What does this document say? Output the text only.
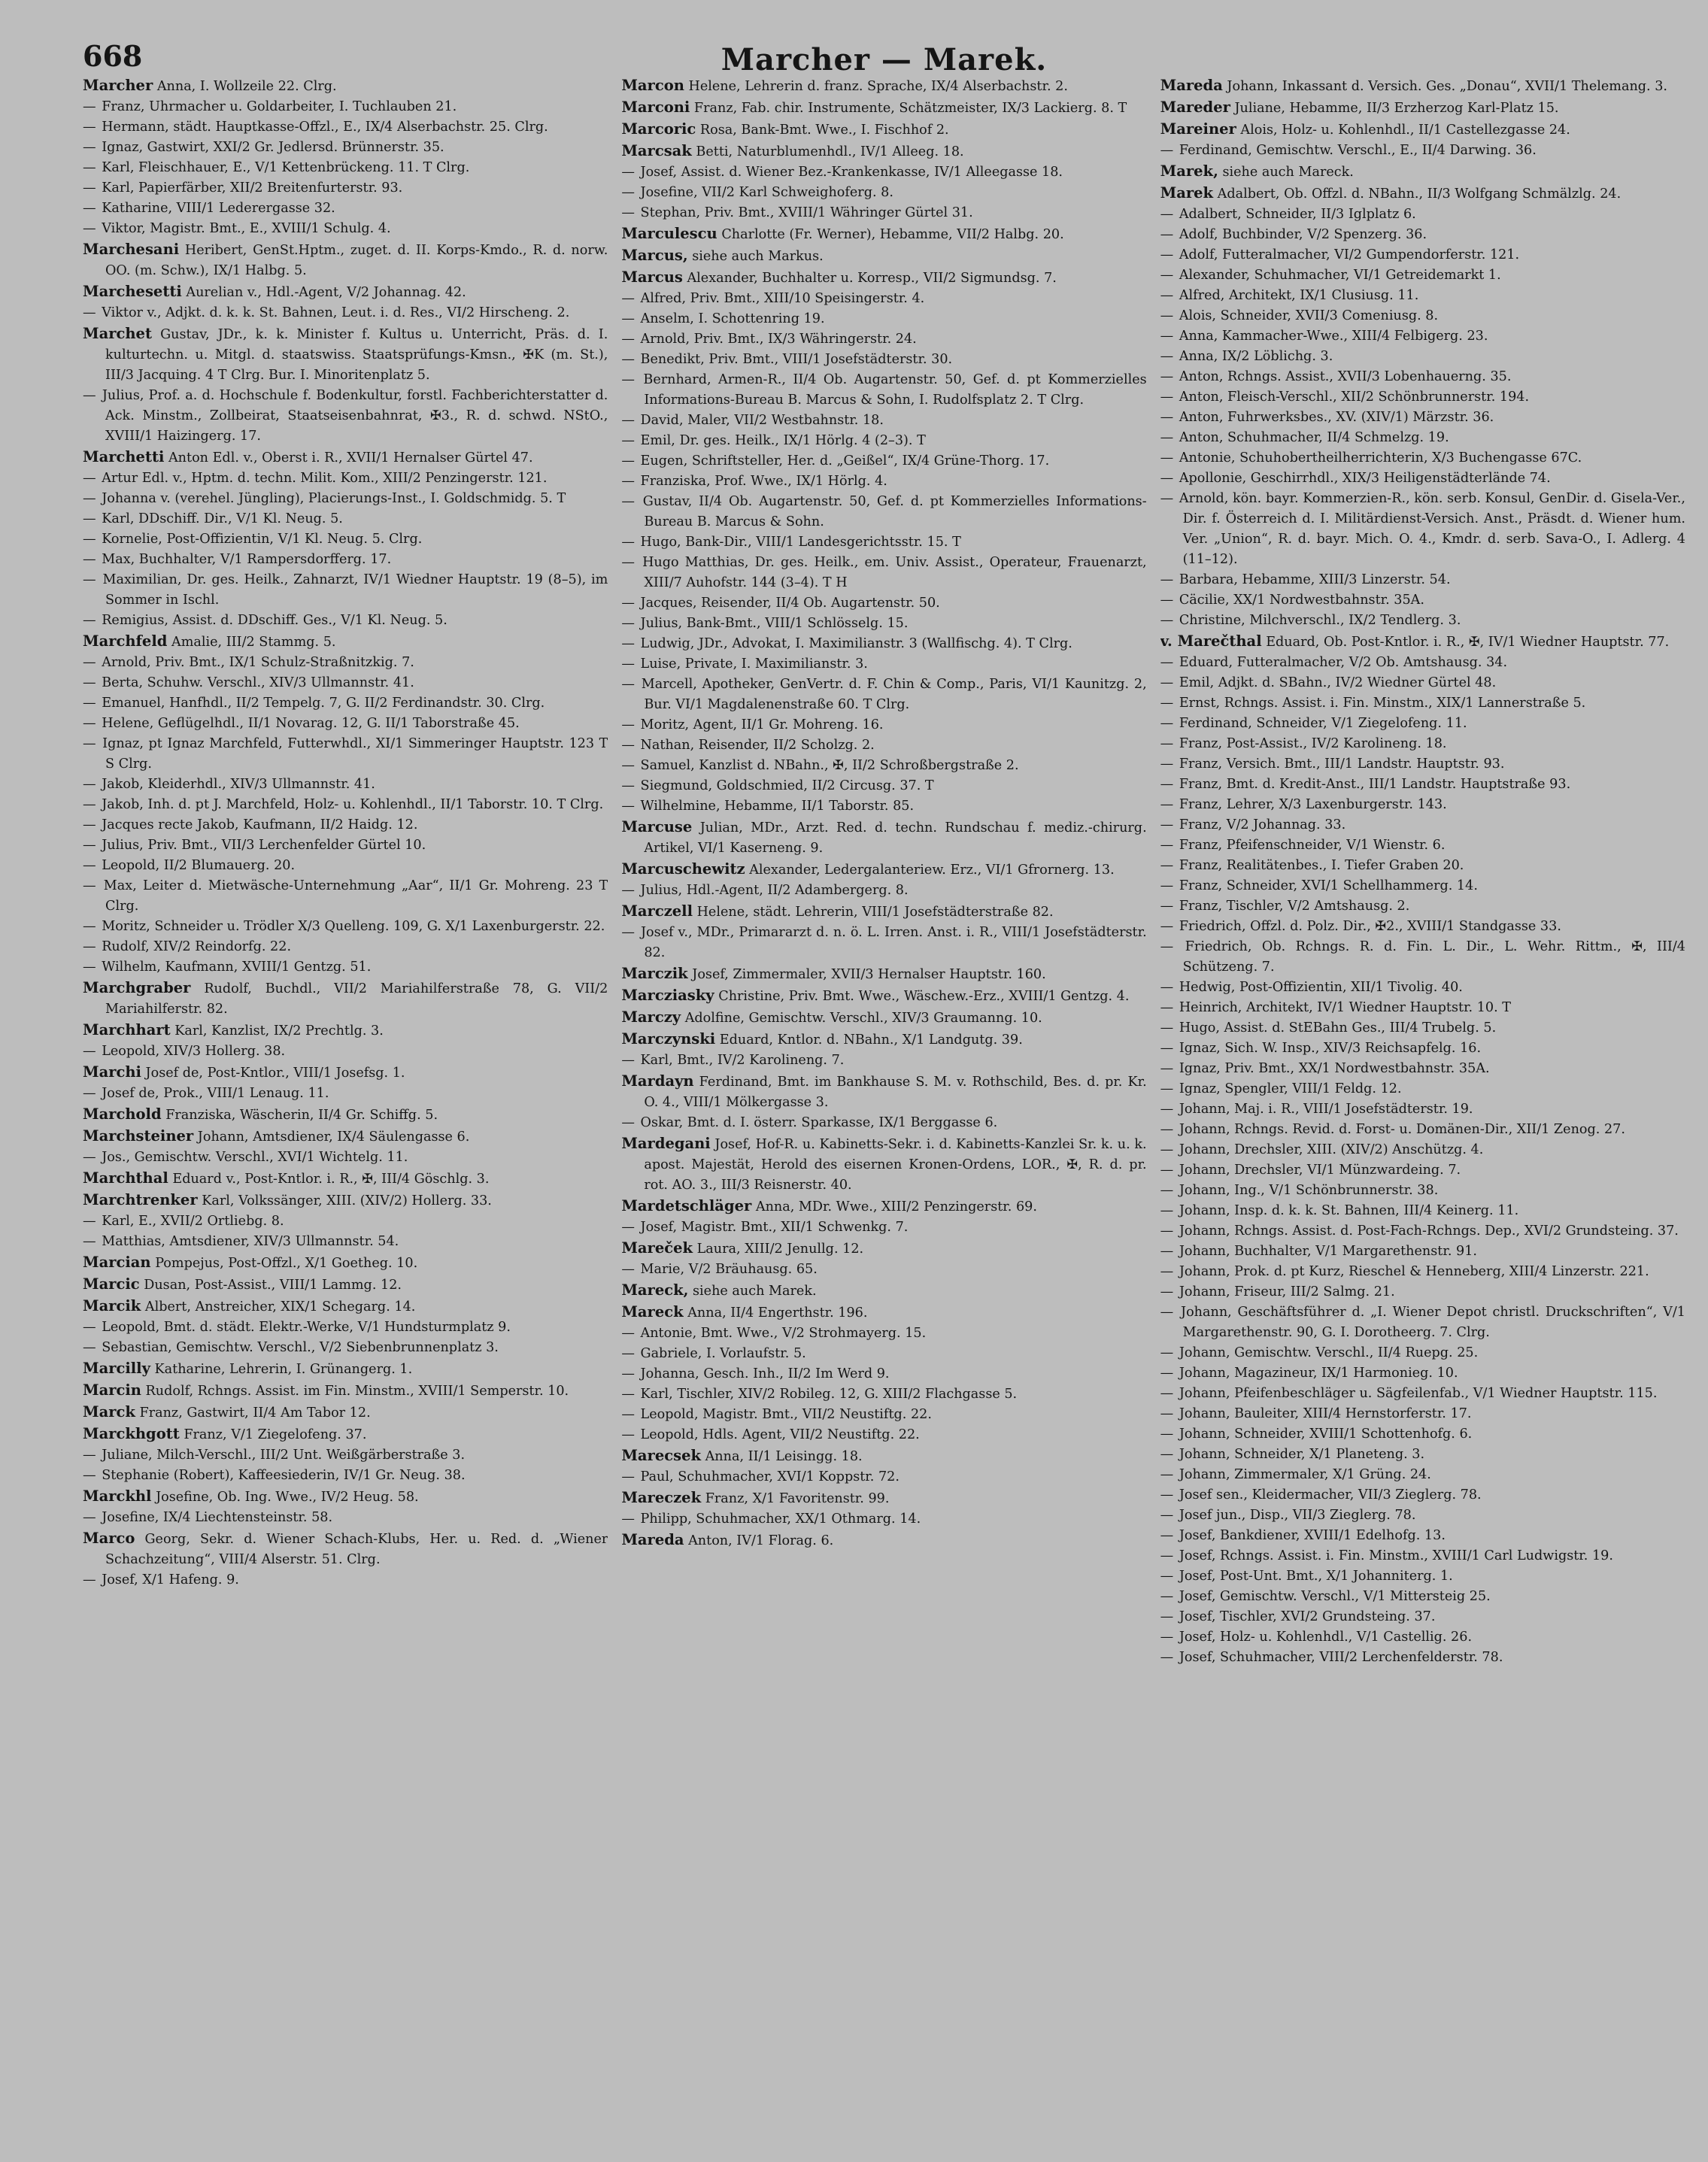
668	Marcher — Marek.
Marcher Anna, I. Wollzeile 22. Clrg.
— Franz, Uhrmacher u. Goldarbeiter, I. Tuchlauben 21.
— Hermann, städt. Hauptkasse-Offzl., E., IX/4 Alserbachstr. 25. Clrg.
— Ignaz, Gastwirt, XXI/2 Gr. Jedlersd. Brünnerstr. 35.
— Karl, Fleischhauer, E., V/1 Kettenbrückeng. 11. T Clrg.
— Karl, Papierfärber, XII/2 Breitenfurterstr. 93.
— Katharine, VIII/1 Lederergasse 32.
— Viktor, Magistr. Bmt., E., XVIII/1 Schulg. 4.
Marchesani Heribert, GenSt.Hptm., zuget. d. II. Korps-Kmdo., R. d. norw. OO. (m. Schw.), IX/1 Halbg. 5.
Marchesetti Aurelian v., Hdl.-Agent, V/2 Johannag. 42.
— Viktor v., Adjkt. d. k. k. St. Bahnen, Leut. i. d. Res., VI/2 Hirscheng. 2.
Marchet Gustav, JDr., k. k. Minister f. Kultus u. Unterricht, Präs. d. I. kulturtechn. u. Mitgl. d. staatswiss. Staatsprüfungs-Kmsn., ✠K (m. St.), III/3 Jacquing. 4 T Clrg. Bur. I. Minoritenplatz 5.
— Julius, Prof. a. d. Hochschule f. Bodenkultur, forstl. Fachberichterstatter d. Ack. Minstm., Zollbeirat, Staatseisenbahnrat, ✠3., R. d. schwd. NStO., XVIII/1 Haizingerg. 17.
Marchetti Anton Edl. v., Oberst i. R., XVII/1 Hernalser Gürtel 47.
— Artur Edl. v., Hptm. d. techn. Milit. Kom., XIII/2 Penzingerstr. 121.
— Johanna v. (verehel. Jüngling), Placierungs-Inst., I. Goldschmidg. 5. T
— Karl, DDschiff. Dir., V/1 Kl. Neug. 5.
— Kornelie, Post-Offizientin, V/1 Kl. Neug. 5. Clrg.
— Max, Buchhalter, V/1 Rampersdorfferg. 17.
— Maximilian, Dr. ges. Heilk., Zahnarzt, IV/1 Wiedner Hauptstr. 19 (8–5), im Sommer in Ischl.
— Remigius, Assist. d. DDschiff. Ges., V/1 Kl. Neug. 5.
Marchfeld Amalie, III/2 Stammg. 5.
— Arnold, Priv. Bmt., IX/1 Schulz-Straßnitzkig. 7.
— Berta, Schuhw. Verschl., XIV/3 Ullmannstr. 41.
— Emanuel, Hanfhdl., II/2 Tempelg. 7, G. II/2 Ferdinandstr. 30. Clrg.
— Helene, Geflügelhdl., II/1 Novarag. 12, G. II/1 Taborstraße 45.
— Ignaz, pt Ignaz Marchfeld, Futterwhdl., XI/1 Simmeringer Hauptstr. 123 T S Clrg.
— Jakob, Kleiderhdl., XIV/3 Ullmannstr. 41.
— Jakob, Inh. d. pt J. Marchfeld, Holz- u. Kohlenhdl., II/1 Taborstr. 10. T Clrg.
— Jacques recte Jakob, Kaufmann, II/2 Haidg. 12.
— Julius, Priv. Bmt., VII/3 Lerchenfelder Gürtel 10.
— Leopold, II/2 Blumauerg. 20.
— Max, Leiter d. Mietwäsche-Unternehmung „Aar“, II/1 Gr. Mohreng. 23 T Clrg.
— Moritz, Schneider u. Trödler X/3 Quelleng. 109, G. X/1 Laxenburgerstr. 22.
— Rudolf, XIV/2 Reindorfg. 22.
— Wilhelm, Kaufmann, XVIII/1 Gentzg. 51.
Marchgraber Rudolf, Buchdl., VII/2 Mariahilferstraße 78, G. VII/2 Mariahilferstr. 82.
Marchhart Karl, Kanzlist, IX/2 Prechtlg. 3.
— Leopold, XIV/3 Hollerg. 38.
Marchi Josef de, Post-Kntlor., VIII/1 Josefsg. 1.
— Josef de, Prok., VIII/1 Lenaug. 11.
Marchold Franziska, Wäscherin, II/4 Gr. Schiffg. 5.
Marchsteiner Johann, Amtsdiener, IX/4 Säulengasse 6.
— Jos., Gemischtw. Verschl., XVI/1 Wichtelg. 11.
Marchthal Eduard v., Post-Kntlor. i. R., ✠, III/4 Göschlg. 3.
Marchtrenker Karl, Volkssänger, XIII. (XIV/2) Hollerg. 33.
— Karl, E., XVII/2 Ortliebg. 8.
— Matthias, Amtsdiener, XIV/3 Ullmannstr. 54.
Marcian Pompejus, Post-Offzl., X/1 Goetheg. 10.
Marcic Dusan, Post-Assist., VIII/1 Lammg. 12.
Marcik Albert, Anstreicher, XIX/1 Schegarg. 14.
— Leopold, Bmt. d. städt. Elektr.-Werke, V/1 Hundsturmplatz 9.
— Sebastian, Gemischtw. Verschl., V/2 Siebenbrunnenplatz 3.
Marcilly Katharine, Lehrerin, I. Grünangerg. 1.
Marcin Rudolf, Rchngs. Assist. im Fin. Minstm., XVIII/1 Semperstr. 10.
Marck Franz, Gastwirt, II/4 Am Tabor 12.
Marckhgott Franz, V/1 Ziegelofeng. 37.
— Juliane, Milch-Verschl., III/2 Unt. Weißgärberstraße 3.
— Stephanie (Robert), Kaffeesiederin, IV/1 Gr. Neug. 38.
Marckhl Josefine, Ob. Ing. Wwe., IV/2 Heug. 58.
— Josefine, IX/4 Liechtensteinstr. 58.
Marco Georg, Sekr. d. Wiener Schach-Klubs, Her. u. Red. d. „Wiener Schachzeitung“, VIII/4 Alserstr. 51. Clrg.
— Josef, X/1 Hafeng. 9.
Marcon Helene, Lehrerin d. franz. Sprache, IX/4 Alserbachstr. 2.
Marconi Franz, Fab. chir. Instrumente, Schätzmeister, IX/3 Lackierg. 8. T
Marcoric Rosa, Bank-Bmt. Wwe., I. Fischhof 2.
Marcsak Betti, Naturblumenhdl., IV/1 Alleeg. 18.
— Josef, Assist. d. Wiener Bez.-Krankenkasse, IV/1 Alleegasse 18.
— Josefine, VII/2 Karl Schweighoferg. 8.
— Stephan, Priv. Bmt., XVIII/1 Währinger Gürtel 31.
Marculescu Charlotte (Fr. Werner), Hebamme, VII/2 Halbg. 20.
Marcus, siehe auch Markus.
Marcus Alexander, Buchhalter u. Korresp., VII/2 Sigmundsg. 7.
— Alfred, Priv. Bmt., XIII/10 Speisingerstr. 4.
— Anselm, I. Schottenring 19.
— Arnold, Priv. Bmt., IX/3 Währingerstr. 24.
— Benedikt, Priv. Bmt., VIII/1 Josefstädterstr. 30.
— Bernhard, Armen-R., II/4 Ob. Augartenstr. 50, Gef. d. pt Kommerzielles Informations-Bureau B. Marcus & Sohn, I. Rudolfsplatz 2. T Clrg.
— David, Maler, VII/2 Westbahnstr. 18.
— Emil, Dr. ges. Heilk., IX/1 Hörlg. 4 (2–3). T
— Eugen, Schriftsteller, Her. d. „Geißel“, IX/4 Grüne-Thorg. 17.
— Franziska, Prof. Wwe., IX/1 Hörlg. 4.
— Gustav, II/4 Ob. Augartenstr. 50, Gef. d. pt Kommerzielles Informations-Bureau B. Marcus & Sohn.
— Hugo, Bank-Dir., VIII/1 Landesgerichtsstr. 15. T
— Hugo Matthias, Dr. ges. Heilk., em. Univ. Assist., Operateur, Frauenarzt, XIII/7 Auhofstr. 144 (3–4). T H
— Jacques, Reisender, II/4 Ob. Augartenstr. 50.
— Julius, Bank-Bmt., VIII/1 Schlösselg. 15.
— Ludwig, JDr., Advokat, I. Maximilianstr. 3 (Wallfischg. 4). T Clrg.
— Luise, Private, I. Maximilianstr. 3.
— Marcell, Apotheker, GenVertr. d. F. Chin & Comp., Paris, VI/1 Kaunitzg. 2, Bur. VI/1 Magdalenenstraße 60. T Clrg.
— Moritz, Agent, II/1 Gr. Mohreng. 16.
— Nathan, Reisender, II/2 Scholzg. 2.
— Samuel, Kanzlist d. NBahn., ✠, II/2 Schroßbergstraße 2.
— Siegmund, Goldschmied, II/2 Circusg. 37. T
— Wilhelmine, Hebamme, II/1 Taborstr. 85.
Marcuse Julian, MDr., Arzt. Red. d. techn. Rundschau f. mediz.-chirurg. Artikel, VI/1 Kaserneng. 9.
Marcuschewitz Alexander, Ledergalanteriew. Erz., VI/1 Gfrornerg. 13.
— Julius, Hdl.-Agent, II/2 Adambergerg. 8.
Marczell Helene, städt. Lehrerin, VIII/1 Josefstädterstraße 82.
— Josef v., MDr., Primararzt d. n. ö. L. Irren. Anst. i. R., VIII/1 Josefstädterstr. 82.
Marczik Josef, Zimmermaler, XVII/3 Hernalser Hauptstr. 160.
Marcziasky Christine, Priv. Bmt. Wwe., Wäschew.-Erz., XVIII/1 Gentzg. 4.
Marczy Adolfine, Gemischtw. Verschl., XIV/3 Graumanng. 10.
Marczynski Eduard, Kntlor. d. NBahn., X/1 Landgutg. 39.
— Karl, Bmt., IV/2 Karolineng. 7.
Mardayn Ferdinand, Bmt. im Bankhause S. M. v. Rothschild, Bes. d. pr. Kr. O. 4., VIII/1 Mölkergasse 3.
— Oskar, Bmt. d. I. österr. Sparkasse, IX/1 Berggasse 6.
Mardegani Josef, Hof-R. u. Kabinetts-Sekr. i. d. Kabinetts-Kanzlei Sr. k. u. k. apost. Majestät, Herold des eisernen Kronen-Ordens, LOR., ✠, R. d. pr. rot. AO. 3., III/3 Reisnerstr. 40.
Mardetschläger Anna, MDr. Wwe., XIII/2 Penzingerstr. 69.
— Josef, Magistr. Bmt., XII/1 Schwenkg. 7.
Mareček Laura, XIII/2 Jenullg. 12.
— Marie, V/2 Bräuhausg. 65.
Mareck, siehe auch Marek.
Mareck Anna, II/4 Engerthstr. 196.
— Antonie, Bmt. Wwe., V/2 Strohmayerg. 15.
— Gabriele, I. Vorlaufstr. 5.
— Johanna, Gesch. Inh., II/2 Im Werd 9.
— Karl, Tischler, XIV/2 Robileg. 12, G. XIII/2 Flachgasse 5.
— Leopold, Magistr. Bmt., VII/2 Neustiftg. 22.
— Leopold, Hdls. Agent, VII/2 Neustiftg. 22.
Marecsek Anna, II/1 Leisingg. 18.
— Paul, Schuhmacher, XVI/1 Koppstr. 72.
Mareczek Franz, X/1 Favoritenstr. 99.
— Philipp, Schuhmacher, XX/1 Othmarg. 14.
Mareda Anton, IV/1 Florag. 6.
Mareda Johann, Inkassant d. Versich. Ges. „Donau“, XVII/1 Thelemang. 3.
Mareder Juliane, Hebamme, II/3 Erzherzog Karl-Platz 15.
Mareiner Alois, Holz- u. Kohlenhdl., II/1 Castellezgasse 24.
— Ferdinand, Gemischtw. Verschl., E., II/4 Darwing. 36.
Marek, siehe auch Mareck.
Marek Adalbert, Ob. Offzl. d. NBahn., II/3 Wolfgang Schmälzlg. 24.
— Adalbert, Schneider, II/3 Iglplatz 6.
— Adolf, Buchbinder, V/2 Spenzerg. 36.
— Adolf, Futteralmacher, VI/2 Gumpendorferstr. 121.
— Alexander, Schuhmacher, VI/1 Getreidemarkt 1.
— Alfred, Architekt, IX/1 Clusiusg. 11.
— Alois, Schneider, XVII/3 Comeniusg. 8.
— Anna, Kammacher-Wwe., XIII/4 Felbigerg. 23.
— Anna, IX/2 Löblichg. 3.
— Anton, Rchngs. Assist., XVII/3 Lobenhauerng. 35.
— Anton, Fleisch-Verschl., XII/2 Schönbrunnerstr. 194.
— Anton, Fuhrwerksbes., XV. (XIV/1) Märzstr. 36.
— Anton, Schuhmacher, II/4 Schmelzg. 19.
— Antonie, Schuhobertheilherrichterin, X/3 Buchengasse 67C.
— Apollonie, Geschirrhdl., XIX/3 Heiligenstädterlände 74.
— Arnold, kön. bayr. Kommerzien-R., kön. serb. Konsul, GenDir. d. Gisela-Ver., Dir. f. Österreich d. I. Militärdienst-Versich. Anst., Präsdt. d. Wiener hum. Ver. „Union“, R. d. bayr. Mich. O. 4., Kmdr. d. serb. Sava-O., I. Adlerg. 4 (11–12).
— Barbara, Hebamme, XIII/3 Linzerstr. 54.
— Cäcilie, XX/1 Nordwestbahnstr. 35A.
— Christine, Milchverschl., IX/2 Tendlerg. 3.
v. Marečthal Eduard, Ob. Post-Kntlor. i. R., ✠, IV/1 Wiedner Hauptstr. 77.
— Eduard, Futteralmacher, V/2 Ob. Amtshausg. 34.
— Emil, Adjkt. d. SBahn., IV/2 Wiedner Gürtel 48.
— Ernst, Rchngs. Assist. i. Fin. Minstm., XIX/1 Lannerstraße 5.
— Ferdinand, Schneider, V/1 Ziegelofeng. 11.
— Franz, Post-Assist., IV/2 Karolineng. 18.
— Franz, Versich. Bmt., III/1 Landstr. Hauptstr. 93.
— Franz, Bmt. d. Kredit-Anst., III/1 Landstr. Hauptstraße 93.
— Franz, Lehrer, X/3 Laxenburgerstr. 143.
— Franz, V/2 Johannag. 33.
— Franz, Pfeifenschneider, V/1 Wienstr. 6.
— Franz, Realitätenbes., I. Tiefer Graben 20.
— Franz, Schneider, XVI/1 Schellhammerg. 14.
— Franz, Tischler, V/2 Amtshausg. 2.
— Friedrich, Offzl. d. Polz. Dir., ✠2., XVIII/1 Standgasse 33.
— Friedrich, Ob. Rchngs. R. d. Fin. L. Dir., L. Wehr. Rittm., ✠, III/4 Schützeng. 7.
— Hedwig, Post-Offizientin, XII/1 Tivolig. 40.
— Heinrich, Architekt, IV/1 Wiedner Hauptstr. 10. T
— Hugo, Assist. d. StEBahn Ges., III/4 Trubelg. 5.
— Ignaz, Sich. W. Insp., XIV/3 Reichsapfelg. 16.
— Ignaz, Priv. Bmt., XX/1 Nordwestbahnstr. 35A.
— Ignaz, Spengler, VIII/1 Feldg. 12.
— Johann, Maj. i. R., VIII/1 Josefstädterstr. 19.
— Johann, Rchngs. Revid. d. Forst- u. Domänen-Dir., XII/1 Zenog. 27.
— Johann, Drechsler, XIII. (XIV/2) Anschützg. 4.
— Johann, Drechsler, VI/1 Münzwardeing. 7.
— Johann, Ing., V/1 Schönbrunnerstr. 38.
— Johann, Insp. d. k. k. St. Bahnen, III/4 Keinerg. 11.
— Johann, Rchngs. Assist. d. Post-Fach-Rchngs. Dep., XVI/2 Grundsteing. 37.
— Johann, Buchhalter, V/1 Margarethenstr. 91.
— Johann, Prok. d. pt Kurz, Rieschel & Henneberg, XIII/4 Linzerstr. 221.
— Johann, Friseur, III/2 Salmg. 21.
— Johann, Geschäftsführer d. „I. Wiener Depot christl. Druckschriften“, V/1 Margarethenstr. 90, G. I. Dorotheerg. 7. Clrg.
— Johann, Gemischtw. Verschl., II/4 Ruepg. 25.
— Johann, Magazineur, IX/1 Harmonieg. 10.
— Johann, Pfeifenbeschläger u. Sägfeilenfab., V/1 Wiedner Hauptstr. 115.
— Johann, Bauleiter, XIII/4 Hernstorferstr. 17.
— Johann, Schneider, XVIII/1 Schottenhofg. 6.
— Johann, Schneider, X/1 Planeteng. 3.
— Johann, Zimmermaler, X/1 Grüng. 24.
— Josef sen., Kleidermacher, VII/3 Zieglerg. 78.
— Josef jun., Disp., VII/3 Zieglerg. 78.
— Josef, Bankdiener, XVIII/1 Edelhofg. 13.
— Josef, Rchngs. Assist. i. Fin. Minstm., XVIII/1 Carl Ludwigstr. 19.
— Josef, Post-Unt. Bmt., X/1 Johanniterg. 1.
— Josef, Gemischtw. Verschl., V/1 Mittersteig 25.
— Josef, Tischler, XVI/2 Grundsteing. 37.
— Josef, Holz- u. Kohlenhdl., V/1 Castellig. 26.
— Josef, Schuhmacher, VIII/2 Lerchenfelderstr. 78.
